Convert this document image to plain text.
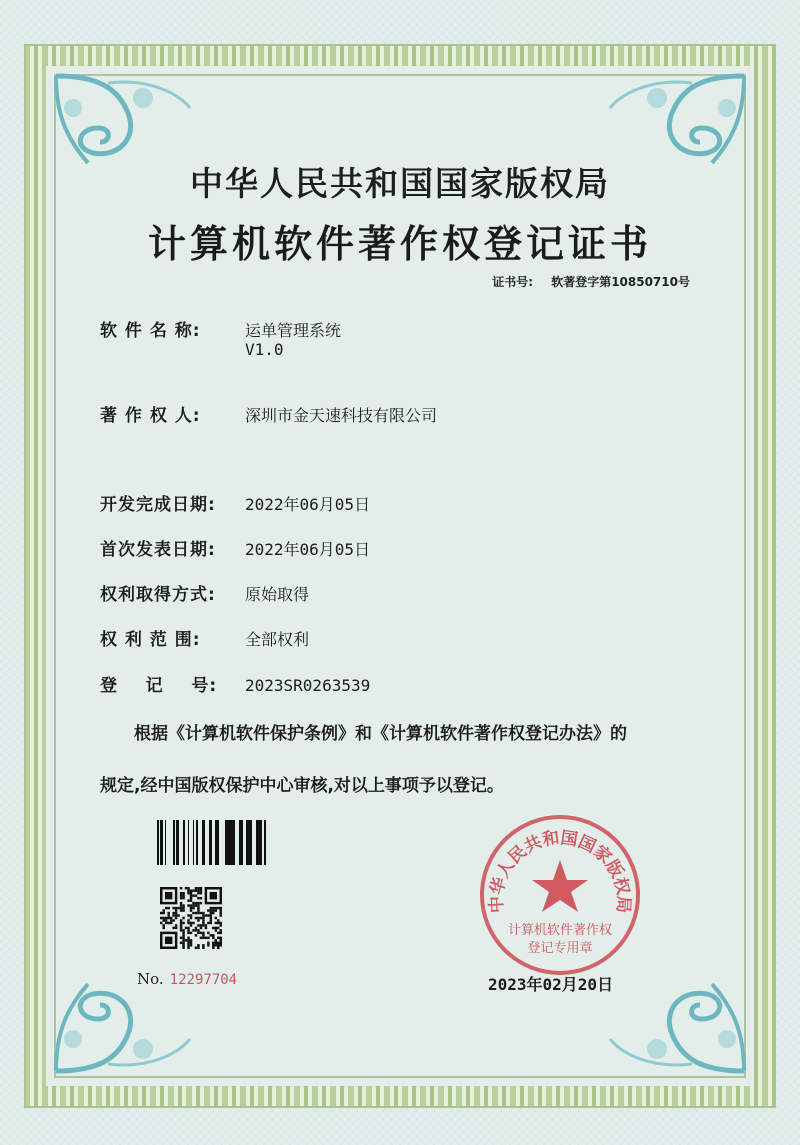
中华人民共和国国家版权局
计算机软件著作权登记证书
证书号: 软著登字第10850710号
软 件 名 称:	运单管理系统
V1.0
著 作 权 人:	深圳市金天速科技有限公司
开发完成日期: 2022年06月05日
首次发表日期: 2022年06月05日
权利取得方式: 原始取得
权 利 范 围:	全部权利
登    记    号: 2023SR0263539

根据《计算机软件保护条例》和《计算机软件著作权登记办法》的

规定,经中国版权保护中心审核,对以上事项予以登记。

No. 12297704	2023年02月20日
中华人民共和国国家版权局
计算机软件著作权
登记专用章
